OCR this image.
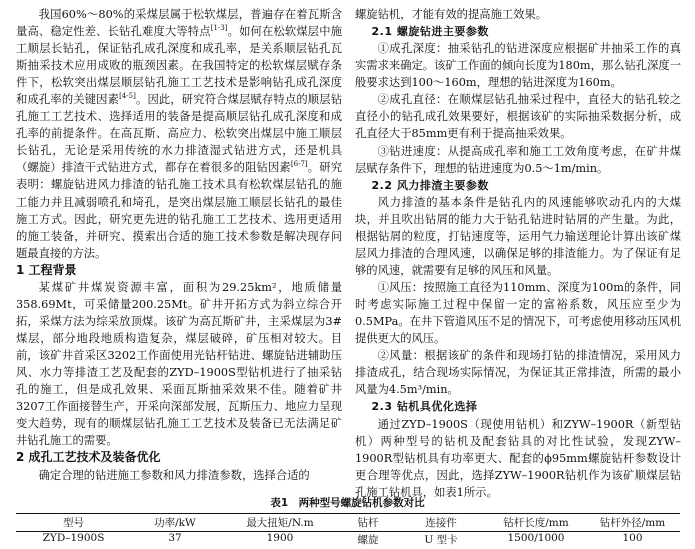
我国60%～80%的采煤层属于松软煤层，普遍存在着瓦斯含量高、稳定性差、长钻孔难度大等特点[1-3]。如何在松软煤层中施工顺层长钻孔，保证钻孔成孔深度和成孔率，是关系顺层钻孔瓦斯抽采技术应用成败的瓶颈因素。在我国特定的松软煤层赋存条件下，松软突出煤层顺层钻孔施工工艺技术是影响钻孔成孔深度和成孔率的关键因素[4-5]。因此，研究符合煤层赋存特点的顺层钻孔施工工艺技术、选择适用的装备是提高顺层钻孔成孔深度和成孔率的前提条件。在高瓦斯、高应力、松软突出煤层中施工顺层长钻孔，无论是采用传统的水力排渣湿式钻进方式，还是机具（螺旋）排渣干式钻进方式，都存在着很多的阻钻因素[6-7]。研究表明：螺旋钻进风力排渣的钻孔施工技术具有松软煤层钻孔的施工能力并且减弱喷孔和埼孔，是突出煤层施工顺层长钻孔的最佳施工方式。因此，研究更先进的钻孔施工工艺技术、选用更适用的施工装备，并研究、摸索出合适的施工技术参数是解决现存问题最直接的方法。

1 工程背景

某煤矿井煤炭资源丰富，面积为29.25km²，地质储量358.69Mt，可采储量200.25Mt。矿井开拓方式为斜立综合开拓，采煤方法为综采放顶煤。该矿为高瓦斯矿井，主采煤层为3#煤层，部分地段地质构造复杂，煤层破碎，矿压相对较大。目前，该矿井首采区3202工作面使用光钻杆钻进、螺旋钻进辅助压风、水力等排渣工艺及配套的ZYD–1900S型钻机进行了抽采钻孔的施工，但是成孔效果、采面瓦斯抽采效果不佳。随着矿井3207工作面接替生产，开采向深部发展，瓦斯压力、地应力呈现变大趋势，现有的顺煤层钻孔施工工艺技术及装备已无法满足矿井钻孔施工的需要。

2 成孔工艺技术及装备优化

确定合理的钻进施工参数和风力排渣参数，选择合适的

螺旋钻机，才能有效的提高施工效果。

2.1 螺旋钻进主要参数

①成孔深度：抽采钻孔的钻进深度应根据矿井抽采工作的真实需求来确定。该矿工作面的倾向长度为180m，那么钻孔深度一般要求达到100～160m，理想的钻进深度为160m。

②成孔直径：在顺煤层钻孔抽采过程中，直径大的钻孔较之直径小的钻孔成孔效果要好，根据该矿的实际抽采数据分析，成孔直径大于85mm更有利于提高抽采效果。

③钻进速度：从提高成孔率和施工工效角度考虑，在矿井煤层赋存条件下，理想的钻进速度为0.5～1m/min。

2.2 风力排渣主要参数

风力排渣的基本条件是钻孔内的风速能够吹动孔内的大煤块，并且吹出钻屑的能力大于钻孔钻进时钻屑的产生量。为此，根据钻屑的粒度，打钻速度等，运用气力输送理论计算出该矿煤层风力排渣的合理风速，以确保足够的排渣能力。为了保证有足够的风速，就需要有足够的风压和风量。

①风压：按照施工直径为110mm、深度为100m的条件，同时考虑实际施工过程中保留一定的富裕系数，风压应至少为0.5MPa。在井下管道风压不足的情况下，可考虑使用移动压风机提供更大的风压。

②风量：根据该矿的条件和现场打钻的排渣情况，采用风力排渣成孔，结合现场实际情况，为保证其正常排渣，所需的最小风量为4.5m³/min。

2.3 钻机具优化选择

通过ZYD–1900S（现使用钻机）和ZYW–1900R（新型钻机）两种型号的钻机及配套钻具的对比性试验，发现ZYW–1900R型钻机具有功率更大、配套的ϕ95mm螺旋钻杆参数设计更合理等优点，因此，选择ZYW–1900R钻机作为该矿顺煤层钻孔施工钻机具，如表1所示。

表1　两种型号螺旋钻机参数对比
型号	功率/kW	最大扭矩/N.m	钻杆	连接件	钻杆长度/mm	钻杆外径/mm
ZYD–1900S	37	1900	螺旋	U 型卡	1500/1000	100
